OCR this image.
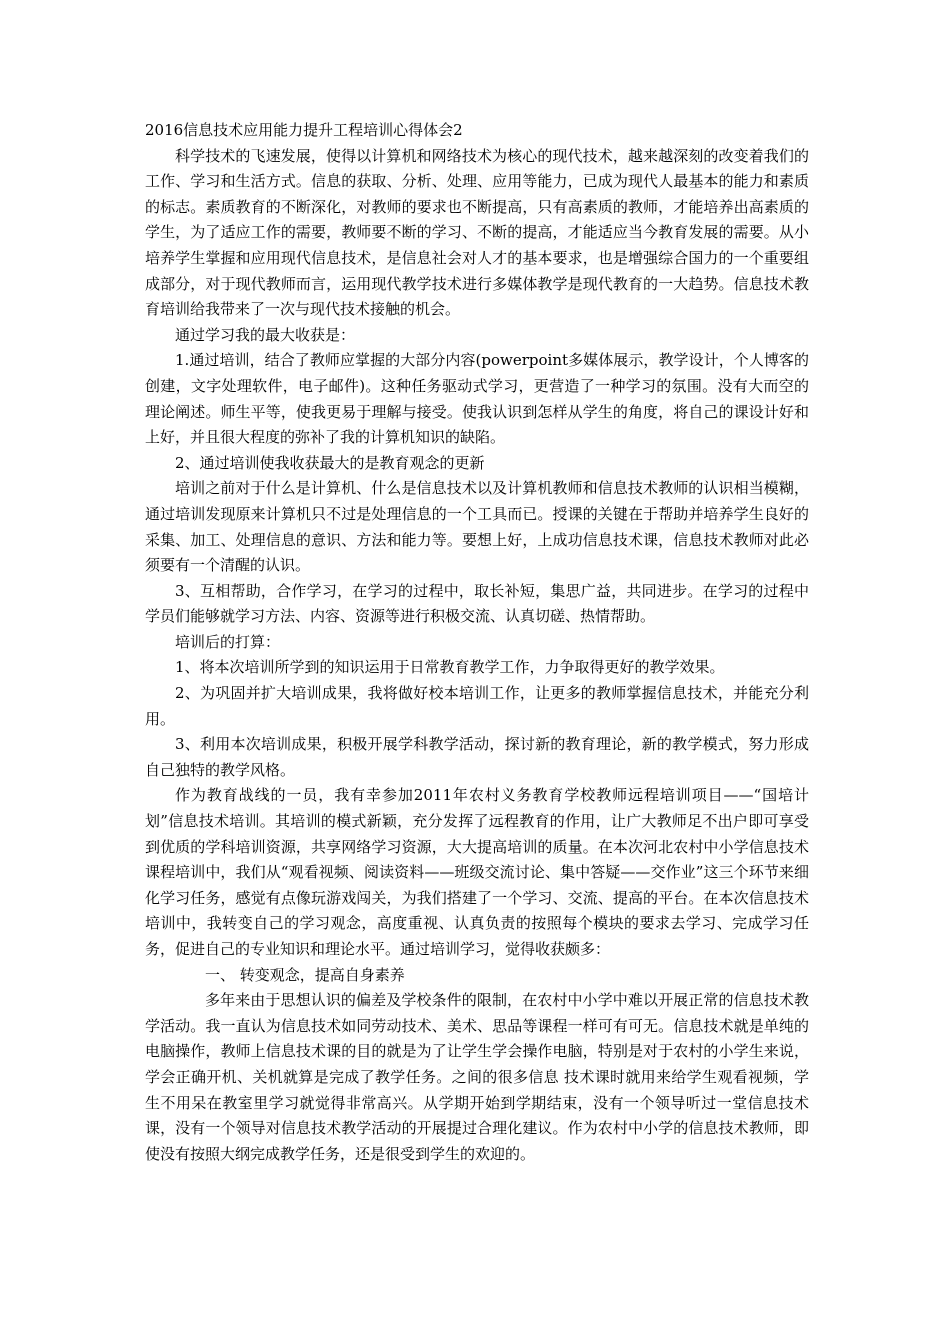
2016信息技术应用能力提升工程培训心得体会2

科学技术的飞速发展，使得以计算机和网络技术为核心的现代技术，越来越深刻的改变着我们的工作、学习和生活方式。信息的获取、分析、处理、应用等能力，已成为现代人最基本的能力和素质的标志。素质教育的不断深化，对教师的要求也不断提高，只有高素质的教师，才能培养出高素质的学生，为了适应工作的需要，教师要不断的学习、不断的提高，才能适应当今教育发展的需要。从小培养学生掌握和应用现代信息技术，是信息社会对人才的基本要求，也是增强综合国力的一个重要组成部分，对于现代教师而言，运用现代教学技术进行多媒体教学是现代教育的一大趋势。信息技术教育培训给我带来了一次与现代技术接触的机会。

通过学习我的最大收获是：

1.通过培训，结合了教师应掌握的大部分内容(powerpoint多媒体展示，教学设计，个人博客的创建，文字处理软件，电子邮件)。这种任务驱动式学习，更营造了一种学习的氛围。没有大而空的理论阐述。师生平等，使我更易于理解与接受。使我认识到怎样从学生的角度，将自己的课设计好和上好，并且很大程度的弥补了我的计算机知识的缺陷。

2、通过培训使我收获最大的是教育观念的更新

培训之前对于什么是计算机、什么是信息技术以及计算机教师和信息技术教师的认识相当模糊，通过培训发现原来计算机只不过是处理信息的一个工具而已。授课的关键在于帮助并培养学生良好的采集、加工、处理信息的意识、方法和能力等。要想上好，上成功信息技术课，信息技术教师对此必须要有一个清醒的认识。

3、互相帮助，合作学习，在学习的过程中，取长补短，集思广益，共同进步。在学习的过程中学员们能够就学习方法、内容、资源等进行积极交流、认真切磋、热情帮助。

培训后的打算：

1、将本次培训所学到的知识运用于日常教育教学工作，力争取得更好的教学效果。

2、为巩固并扩大培训成果，我将做好校本培训工作，让更多的教师掌握信息技术，并能充分利用。

3、利用本次培训成果，积极开展学科教学活动，探讨新的教育理论，新的教学模式，努力形成自己独特的教学风格。

作为教育战线的一员，我有幸参加2011年农村义务教育学校教师远程培训项目——“国培计划”信息技术培训。其培训的模式新颖，充分发挥了远程教育的作用，让广大教师足不出户即可享受到优质的学科培训资源，共享网络学习资源，大大提高培训的质量。在本次河北农村中小学信息技术课程培训中，我们从“观看视频、阅读资料——班级交流讨论、集中答疑——交作业”这三个环节来细化学习任务，感觉有点像玩游戏闯关，为我们搭建了一个学习、交流、提高的平台。在本次信息技术培训中，我转变自己的学习观念，高度重视、认真负责的按照每个模块的要求去学习、完成学习任务，促进自己的专业知识和理论水平。通过培训学习，觉得收获颇多：

一、 转变观念，提高自身素养

多年来由于思想认识的偏差及学校条件的限制，在农村中小学中难以开展正常的信息技术教学活动。我一直认为信息技术如同劳动技术、美术、思品等课程一样可有可无。信息技术就是单纯的电脑操作，教师上信息技术课的目的就是为了让学生学会操作电脑，特别是对于农村的小学生来说，学会正确开机、关机就算是完成了教学任务。之间的很多信息 技术课时就用来给学生观看视频，学生不用呆在教室里学习就觉得非常高兴。从学期开始到学期结束，没有一个领导听过一堂信息技术课，没有一个领导对信息技术教学活动的开展提过合理化建议。作为农村中小学的信息技术教师，即使没有按照大纲完成教学任务，还是很受到学生的欢迎的。
